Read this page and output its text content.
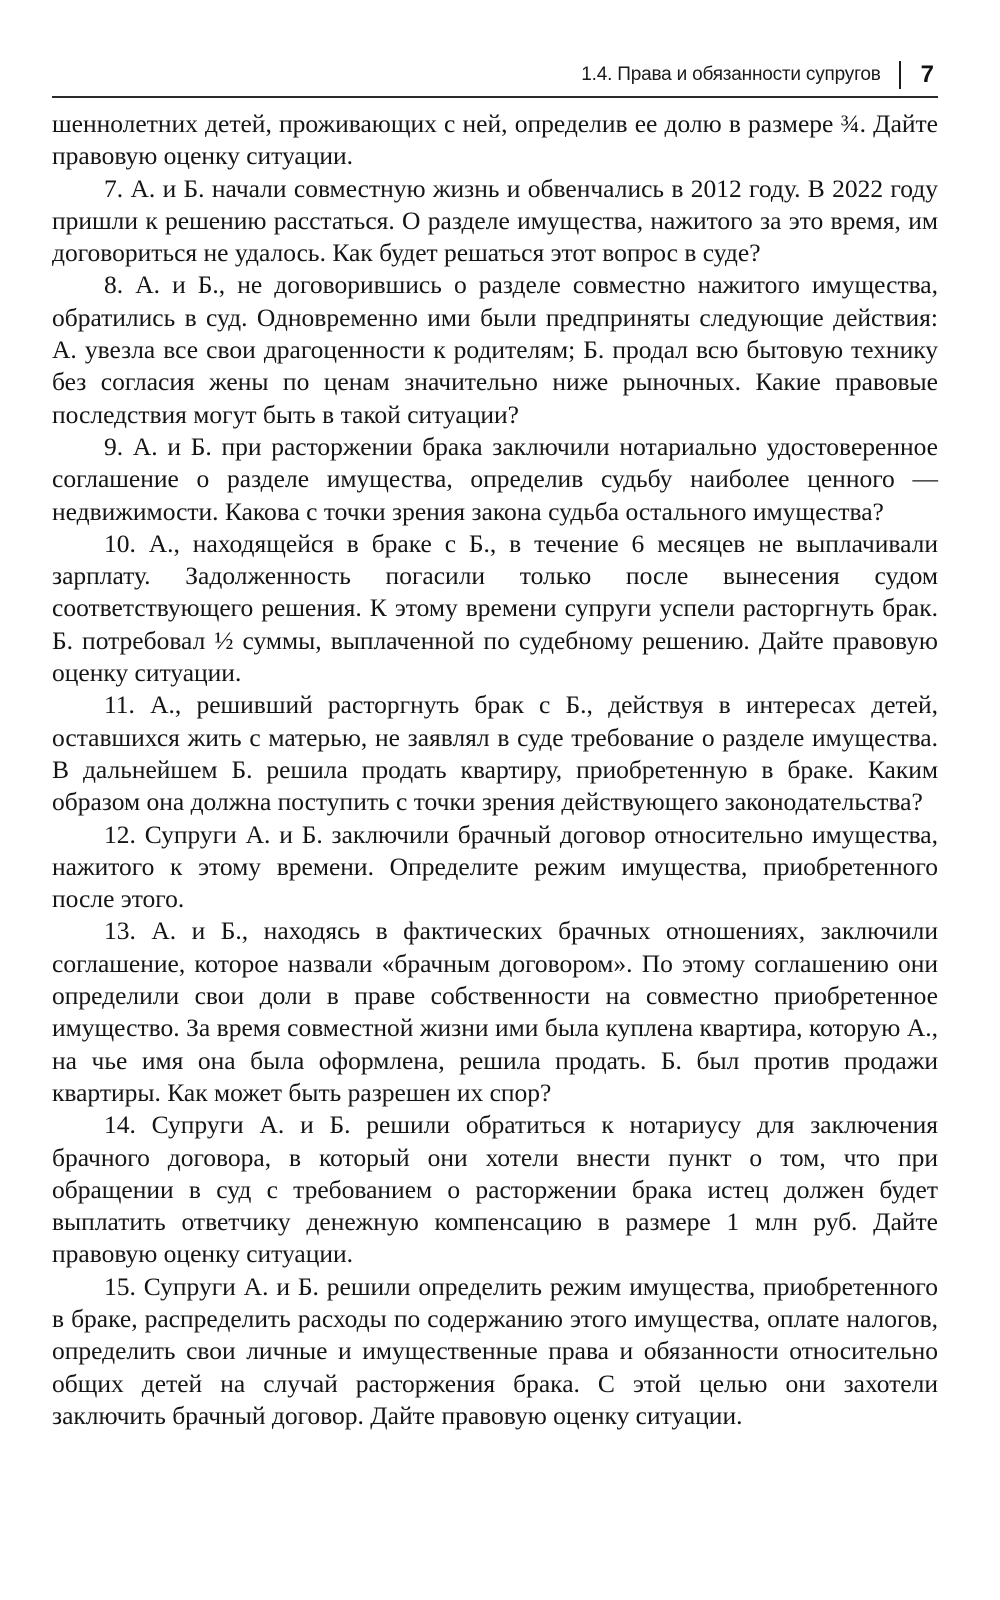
1.4. Права и обязанности супругов 7

шеннолетних детей, проживающих с ней, определив ее долю в размере ¾. Дайте правовую оценку ситуации.

7. А. и Б. начали совместную жизнь и обвенчались в 2012 году. В 2022 году пришли к решению расстаться. О разделе имущества, нажитого за это время, им договориться не удалось. Как будет решаться этот вопрос в суде?

8. А. и Б., не договорившись о разделе совместно нажитого имущества, обратились в суд. Одновременно ими были предприняты следующие действия: А. увезла все свои драгоценности к родителям; Б. продал всю бытовую технику без согласия жены по ценам значительно ниже рыночных. Какие правовые последствия могут быть в такой ситуации?

9. А. и Б. при расторжении брака заключили нотариально удостоверенное соглашение о разделе имущества, определив судьбу наиболее ценного — недвижимости. Какова с точки зрения закона судьба остального имущества?

10. А., находящейся в браке с Б., в течение 6 месяцев не выплачивали зарплату. Задолженность погасили только после вынесения судом соответствующего решения. К этому времени супруги успели расторгнуть брак. Б. потребовал ½ суммы, выплаченной по судебному решению. Дайте правовую оценку ситуации.

11. А., решивший расторгнуть брак с Б., действуя в интересах детей, оставшихся жить с матерью, не заявлял в суде требование о разделе имущества. В дальнейшем Б. решила продать квартиру, приобретенную в браке. Каким образом она должна поступить с точки зрения действующего законодательства?

12. Супруги А. и Б. заключили брачный договор относительно имущества, нажитого к этому времени. Определите режим имущества, приобретенного после этого.

13. А. и Б., находясь в фактических брачных отношениях, заключили соглашение, которое назвали «брачным договором». По этому соглашению они определили свои доли в праве собственности на совместно приобретенное имущество. За время совместной жизни ими была куплена квартира, которую А., на чье имя она была оформлена, решила продать. Б. был против продажи квартиры. Как может быть разрешен их спор?

14. Супруги А. и Б. решили обратиться к нотариусу для заключения брачного договора, в который они хотели внести пункт о том, что при обращении в суд с требованием о расторжении брака истец должен будет выплатить ответчику денежную компенсацию в размере 1 млн руб. Дайте правовую оценку ситуации.

15. Супруги А. и Б. решили определить режим имущества, приобретенного в браке, распределить расходы по содержанию этого имущества, оплате налогов, определить свои личные и имущественные права и обязанности относительно общих детей на случай расторжения брака. С этой целью они захотели заключить брачный договор. Дайте правовую оценку ситуации.
